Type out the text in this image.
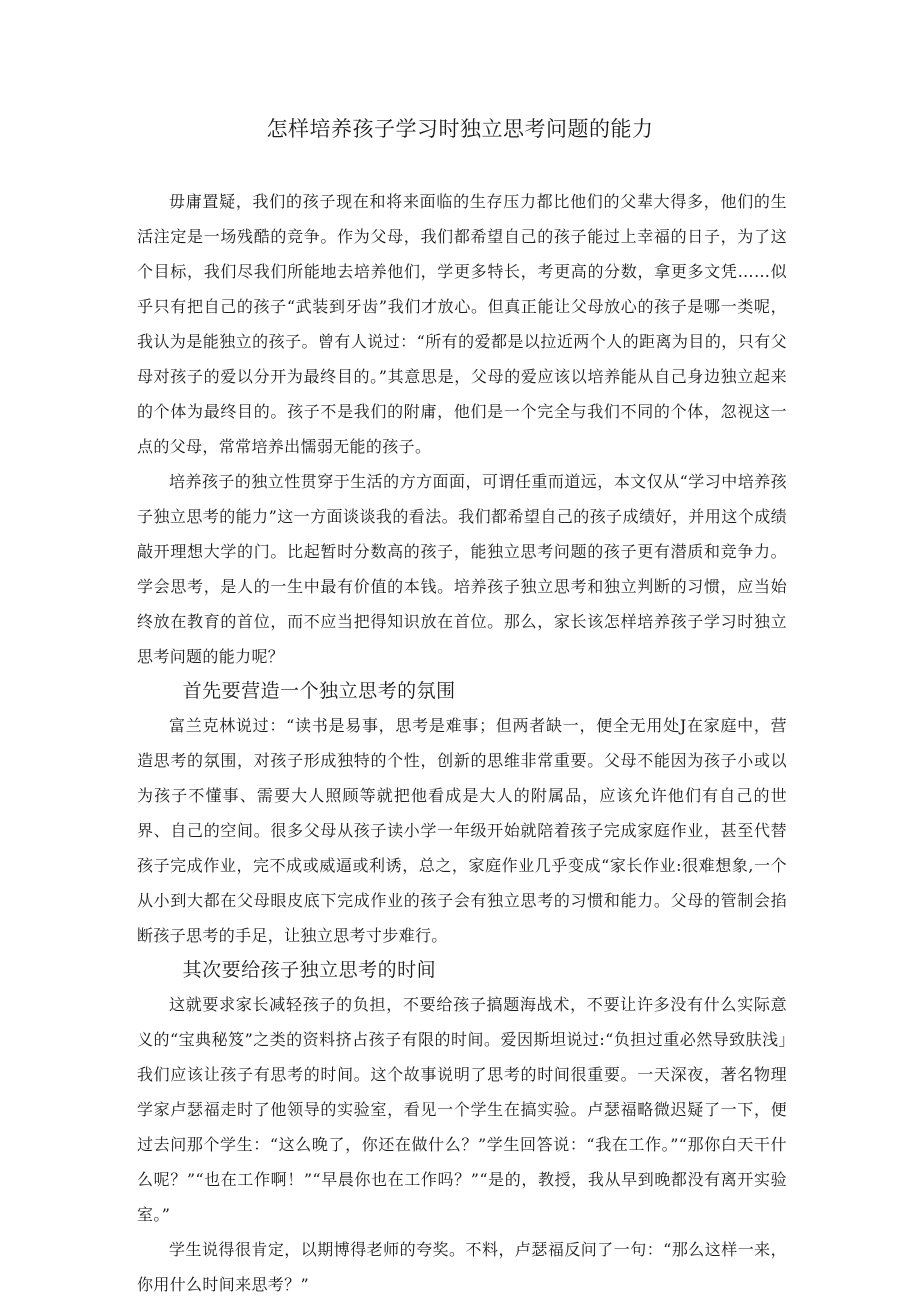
怎样培养孩子学习时独立思考问题的能力

毋庸置疑，我们的孩子现在和将来面临的生存压力都比他们的父辈大得多，他们的生活注定是一场残酷的竞争。作为父母，我们都希望自己的孩子能过上幸福的日子，为了这个目标，我们尽我们所能地去培养他们，学更多特长，考更高的分数，拿更多文凭……似乎只有把自己的孩子“武装到牙齿”我们才放心。但真正能让父母放心的孩子是哪一类呢，我认为是能独立的孩子。曾有人说过：“所有的爱都是以拉近两个人的距离为目的，只有父母对孩子的爱以分开为最终目的。”其意思是，父母的爱应该以培养能从自己身边独立起来的个体为最终目的。孩子不是我们的附庸，他们是一个完全与我们不同的个体，忽视这一点的父母，常常培养出懦弱无能的孩子。

培养孩子的独立性贯穿于生活的方方面面，可谓任重而道远，本文仅从“学习中培养孩子独立思考的能力”这一方面谈谈我的看法。我们都希望自己的孩子成绩好，并用这个成绩敲开理想大学的门。比起暂时分数高的孩子，能独立思考问题的孩子更有潜质和竞争力。学会思考，是人的一生中最有价值的本钱。培养孩子独立思考和独立判断的习惯，应当始终放在教育的首位，而不应当把得知识放在首位。那么，家长该怎样培养孩子学习时独立思考问题的能力呢？

首先要营造一个独立思考的氛围

富兰克林说过：“读书是易事，思考是难事；但两者缺一，便全无用处J在家庭中，营造思考的氛围，对孩子形成独特的个性，创新的思维非常重要。父母不能因为孩子小或以为孩子不懂事、需要大人照顾等就把他看成是大人的附属品，应该允许他们有自己的世界、自己的空间。很多父母从孩子读小学一年级开始就陪着孩子完成家庭作业，甚至代替孩子完成作业，完不成或威逼或利诱，总之，家庭作业几乎变成“家长作业:很难想象,一个从小到大都在父母眼皮底下完成作业的孩子会有独立思考的习惯和能力。父母的管制会掐断孩子思考的手足，让独立思考寸步难行。

其次要给孩子独立思考的时间

这就要求家长减轻孩子的负担，不要给孩子搞题海战术，不要让许多没有什么实际意义的“宝典秘笈”之类的资料挤占孩子有限的时间。爱因斯坦说过:“负担过重必然导致肤浅」我们应该让孩子有思考的时间。这个故事说明了思考的时间很重要。一天深夜，著名物理学家卢瑟福走时了他领导的实验室，看见一个学生在搞实验。卢瑟福略微迟疑了一下，便过去问那个学生：“这么晚了，你还在做什么？”学生回答说：“我在工作。”“那你白天干什么呢？”“也在工作啊！”“早晨你也在工作吗？”“是的，教授，我从早到晚都没有离开实验室。”

学生说得很肯定，以期博得老师的夸奖。不料，卢瑟福反问了一句：“那么这样一来，你用什么时间来思考？”
